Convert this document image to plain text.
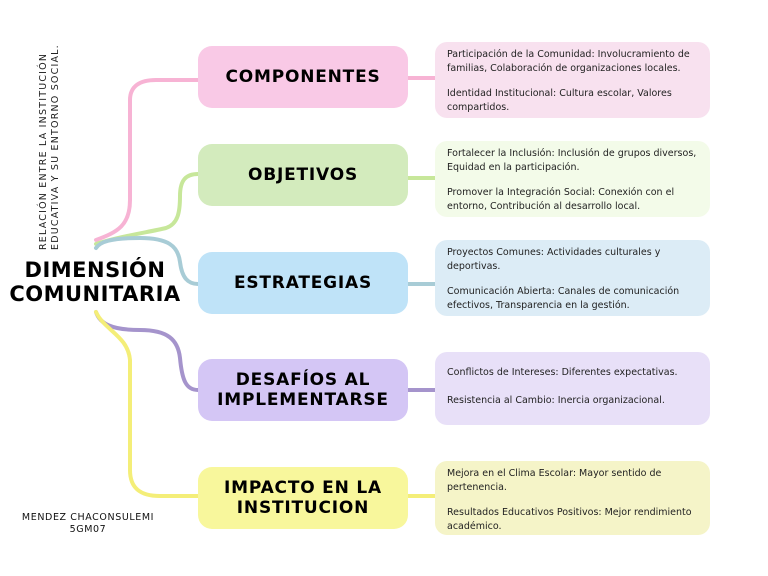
RELACIÓN ENTRE LA INSTITUCIÓN EDUCATIVA Y SU ENTORNO SOCIAL.
DIMENSIÓN
COMUNITARIA
COMPONENTES
OBJETIVOS
ESTRATEGIAS
DESAFÍOS AL IMPLEMENTARSE
IMPACTO EN LA INSTITUCION

Participación de la Comunidad: Involucramiento de familias, Colaboración de organizaciones locales.

Identidad Institucional: Cultura escolar, Valores compartidos.

Fortalecer la Inclusión: Inclusión de grupos diversos, Equidad en la participación.

Promover la Integración Social: Conexión con el entorno, Contribución al desarrollo local.

Proyectos Comunes: Actividades culturales y deportivas.

Comunicación Abierta: Canales de comunicación efectivos, Transparencia en la gestión.

Conflictos de Intereses: Diferentes expectativas.

Resistencia al Cambio: Inercia organizacional.

Mejora en el Clima Escolar: Mayor sentido de pertenencia.

Resultados Educativos Positivos: Mejor rendimiento académico.

MENDEZ CHACONSULEMI
5GM07
